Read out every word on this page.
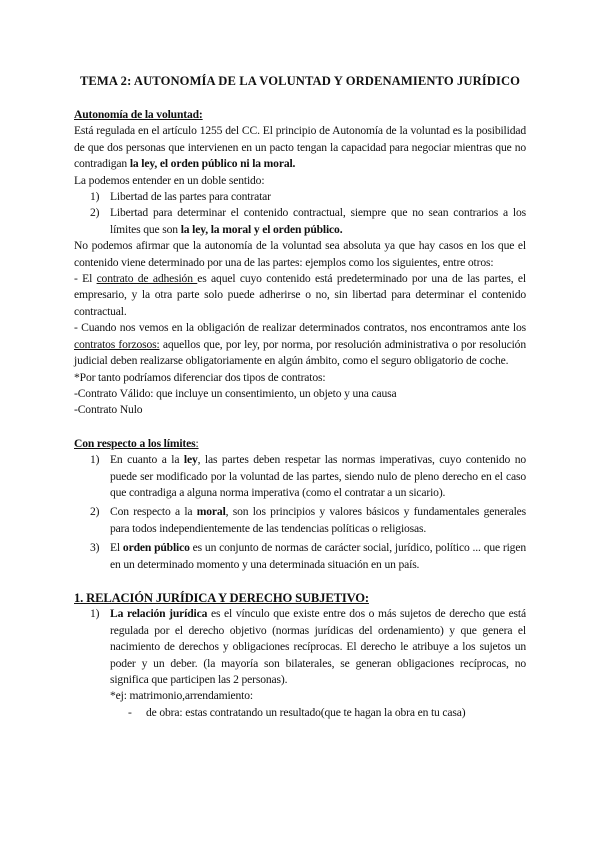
TEMA 2: AUTONOMÍA DE LA VOLUNTAD Y ORDENAMIENTO JURÍDICO

Autonomía de la voluntad:

Está regulada en el artículo 1255 del CC. El principio de Autonomía de la voluntad es la posibilidad de que dos personas que intervienen en un pacto tengan la capacidad para negociar mientras que no contradigan la ley, el orden público ni la moral.

La podemos entender en un doble sentido:

1) Libertad de las partes para contratar
2) Libertad para determinar el contenido contractual, siempre que no sean contrarios a los límites que son la ley, la moral y el orden público.

No podemos afirmar que la autonomía de la voluntad sea absoluta ya que hay casos en los que el contenido viene determinado por una de las partes: ejemplos como los siguientes, entre otros:

- El contrato de adhesión es aquel cuyo contenido está predeterminado por una de las partes, el empresario, y la otra parte solo puede adherirse o no, sin libertad para determinar el contenido contractual.

- Cuando nos vemos en la obligación de realizar determinados contratos, nos encontramos ante los contratos forzosos: aquellos que, por ley, por norma, por resolución administrativa o por resolución judicial deben realizarse obligatoriamente en algún ámbito, como el seguro obligatorio de coche.

*Por tanto podríamos diferenciar dos tipos de contratos:

-Contrato Válido: que incluye un consentimiento, un objeto y una causa

-Contrato Nulo

Con respecto a los límites:

1) En cuanto a la ley, las partes deben respetar las normas imperativas, cuyo contenido no puede ser modificado por la voluntad de las partes, siendo nulo de pleno derecho en el caso que contradiga a alguna norma imperativa (como el contratar a un sicario).
2) Con respecto a la moral, son los principios y valores básicos y fundamentales generales para todos independientemente de las tendencias políticas o religiosas.
3) El orden público es un conjunto de normas de carácter social, jurídico, político ... que rigen en un determinado momento y una determinada situación en un país.

1. RELACIÓN JURÍDICA Y DERECHO SUBJETIVO:

1) La relación jurídica es el vínculo que existe entre dos o más sujetos de derecho que está regulada por el derecho objetivo (normas jurídicas del ordenamiento) y que genera el nacimiento de derechos y obligaciones recíprocas. El derecho le atribuye a los sujetos un poder y un deber. (la mayoría son bilaterales, se generan obligaciones recíprocas, no significa que participen las 2 personas).

*ej: matrimonio,arrendamiento:

- de obra: estas contratando un resultado(que te hagan la obra en tu casa)
